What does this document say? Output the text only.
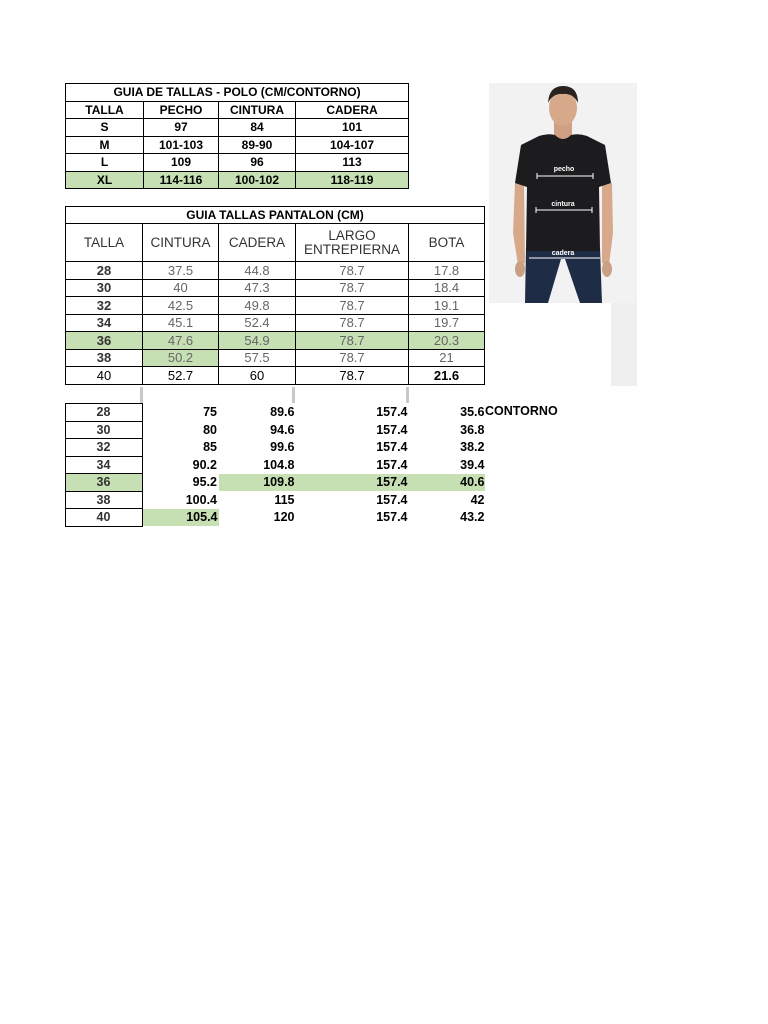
GUIA DE TALLAS - POLO (CM/CONTORNO)			
TALLA	PECHO	CINTURA	CADERA
S	97	84	101
M	101-103	89-90	104-107
L	109	96	113
XL	114-116	100-102	118-119
GUIA TALLAS PANTALON (CM)				
TALLA	CINTURA	CADERA	LARGO ENTREPIERNA	BOTA
28	37.5	44.8	78.7	17.8
30	40	47.3	78.7	18.4
32	42.5	49.8	78.7	19.1
34	45.1	52.4	78.7	19.7
36	47.6	54.9	78.7	20.3
38	50.2	57.5	78.7	21
40	52.7	60	78.7	21.6
28	75	89.6	157.4	35.6
30	80	94.6	157.4	36.8
32	85	99.6	157.4	38.2
34	90.2	104.8	157.4	39.4
36	95.2	109.8	157.4	40.6
38	100.4	115	157.4	42
40	105.4	120	157.4	43.2
CONTORNO
pecho
cintura
cadera
